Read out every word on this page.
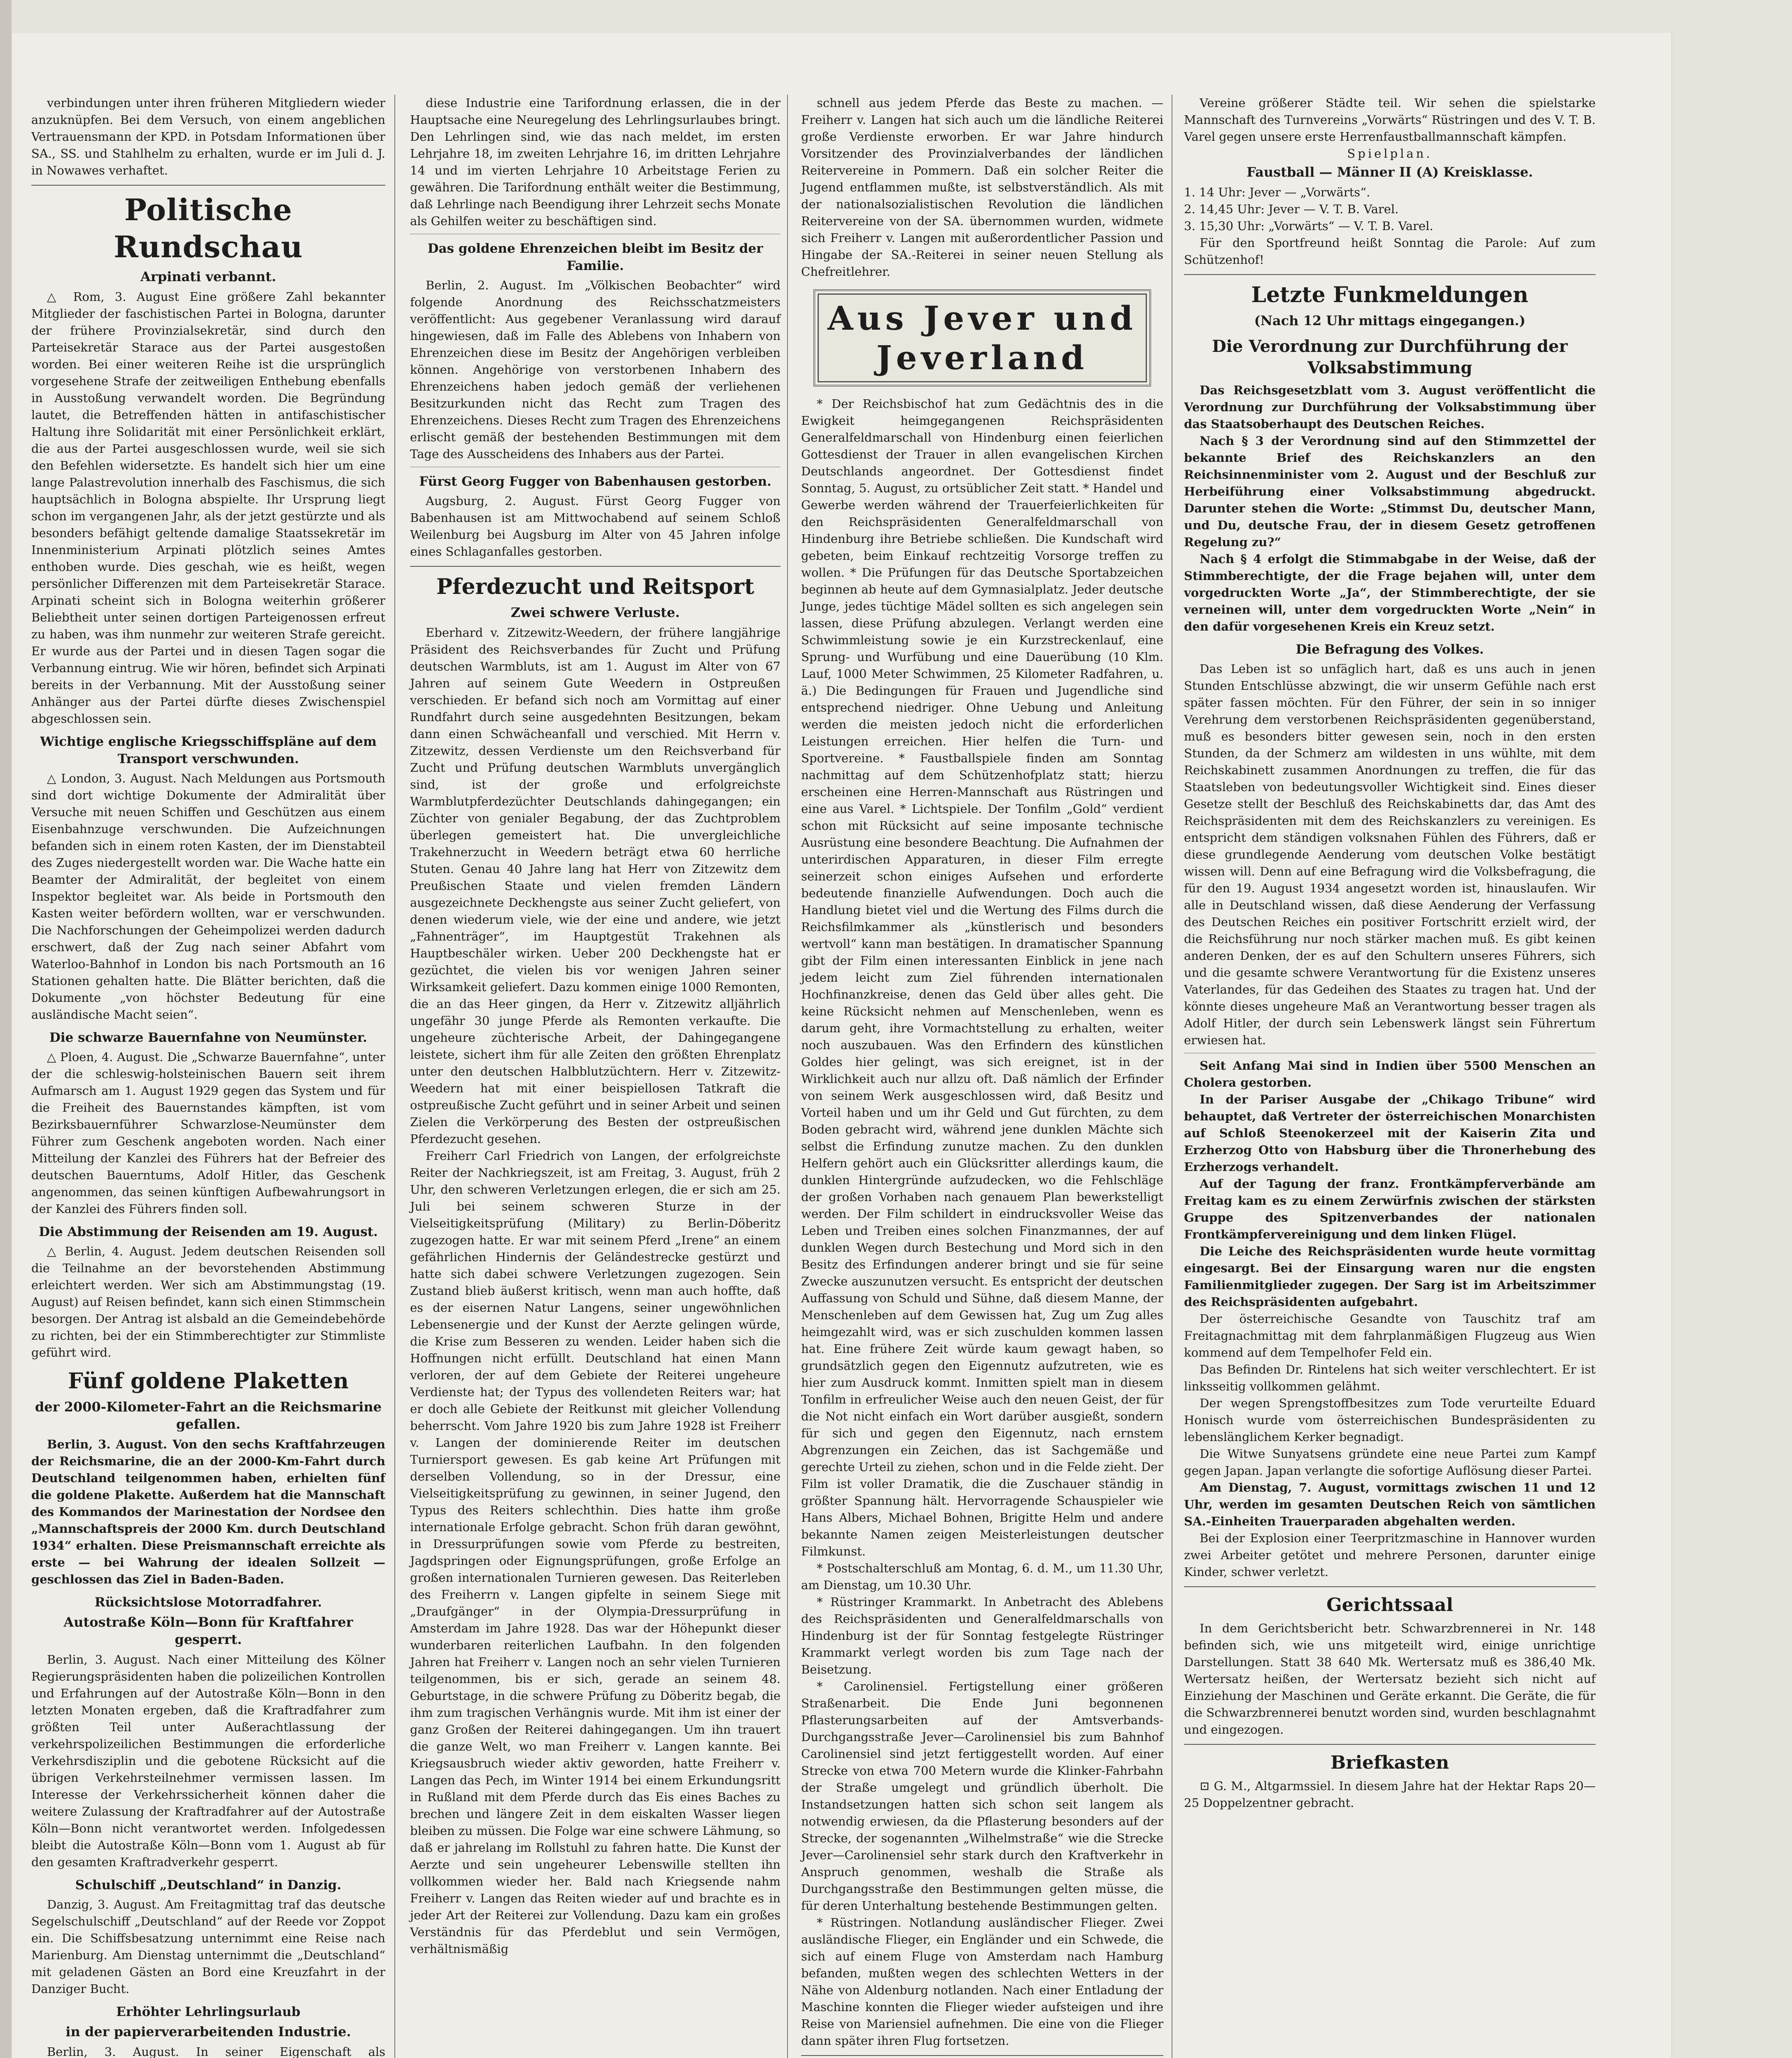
verbindungen unter ihren früheren Mitgliedern wieder anzuknüpfen. Bei dem Versuch, von einem angeblichen Vertrauensmann der KPD. in Potsdam Informationen über SA., SS. und Stahlhelm zu erhalten, wurde er im Juli d. J. in Nowawes verhaftet.

Politische Rundschau
Arpinati verbannt.

△ Rom, 3. August Eine größere Zahl bekannter Mitglieder der faschistischen Partei in Bologna, darunter der frühere Provinzialsekretär, sind durch den Parteisekretär Starace aus der Partei ausgestoßen worden. Bei einer weiteren Reihe ist die ursprünglich vorgesehene Strafe der zeitweiligen Enthebung ebenfalls in Ausstoßung verwandelt worden. Die Begründung lautet, die Betreffenden hätten in antifaschistischer Haltung ihre Solidarität mit einer Persönlichkeit erklärt, die aus der Partei ausgeschlossen wurde, weil sie sich den Befehlen widersetzte. Es handelt sich hier um eine lange Palastrevolution innerhalb des Faschismus, die sich hauptsächlich in Bologna abspielte. Ihr Ursprung liegt schon im vergangenen Jahr, als der jetzt gestürzte und als besonders befähigt geltende damalige Staatssekretär im Innenministerium Arpinati plötzlich seines Amtes enthoben wurde. Dies geschah, wie es heißt, wegen persönlicher Differenzen mit dem Parteisekretär Starace. Arpinati scheint sich in Bologna weiterhin größerer Beliebtheit unter seinen dortigen Parteigenossen erfreut zu haben, was ihm nunmehr zur weiteren Strafe gereicht. Er wurde aus der Partei und in diesen Tagen sogar die Verbannung eintrug. Wie wir hören, befindet sich Arpinati bereits in der Verbannung. Mit der Ausstoßung seiner Anhänger aus der Partei dürfte dieses Zwischenspiel abgeschlossen sein.

Wichtige englische Kriegsschiffspläne auf dem Transport verschwunden.

△ London, 3. August. Nach Meldungen aus Portsmouth sind dort wichtige Dokumente der Admiralität über Versuche mit neuen Schiffen und Geschützen aus einem Eisenbahnzuge verschwunden. Die Aufzeichnungen befanden sich in einem roten Kasten, der im Dienstabteil des Zuges niedergestellt worden war. Die Wache hatte ein Beamter der Admiralität, der begleitet von einem Inspektor begleitet war. Als beide in Portsmouth den Kasten weiter befördern wollten, war er verschwunden. Die Nachforschungen der Geheimpolizei werden dadurch erschwert, daß der Zug nach seiner Abfahrt vom Waterloo-Bahnhof in London bis nach Portsmouth an 16 Stationen gehalten hatte. Die Blätter berichten, daß die Dokumente „von höchster Bedeutung für eine ausländische Macht seien“.

Die schwarze Bauernfahne von Neumünster.

△ Ploen, 4. August. Die „Schwarze Bauernfahne“, unter der die schleswig-holsteinischen Bauern seit ihrem Aufmarsch am 1. August 1929 gegen das System und für die Freiheit des Bauernstandes kämpften, ist vom Bezirksbauernführer Schwarzlose-Neumünster dem Führer zum Geschenk angeboten worden. Nach einer Mitteilung der Kanzlei des Führers hat der Befreier des deutschen Bauerntums, Adolf Hitler, das Geschenk angenommen, das seinen künftigen Aufbewahrungsort in der Kanzlei des Führers finden soll.

Die Abstimmung der Reisenden am 19. August.

△ Berlin, 4. August. Jedem deutschen Reisenden soll die Teilnahme an der bevorstehenden Abstimmung erleichtert werden. Wer sich am Abstimmungstag (19. August) auf Reisen befindet, kann sich einen Stimmschein besorgen. Der Antrag ist alsbald an die Gemeindebehörde zu richten, bei der ein Stimmberechtigter zur Stimmliste geführt wird.

Fünf goldene Plaketten
der 2000-Kilometer-Fahrt an die Reichsmarine gefallen.

Berlin, 3. August. Von den sechs Kraftfahrzeugen der Reichsmarine, die an der 2000-Km-Fahrt durch Deutschland teilgenommen haben, erhielten fünf die goldene Plakette. Außerdem hat die Mannschaft des Kommandos der Marinestation der Nordsee den „Mannschaftspreis der 2000 Km. durch Deutschland 1934“ erhalten. Diese Preismannschaft erreichte als erste — bei Wahrung der idealen Sollzeit — geschlossen das Ziel in Baden-Baden.

Rücksichtslose Motorradfahrer.
Autostraße Köln—Bonn für Kraftfahrer gesperrt.

Berlin, 3. August. Nach einer Mitteilung des Kölner Regierungspräsidenten haben die polizeilichen Kontrollen und Erfahrungen auf der Autostraße Köln—Bonn in den letzten Monaten ergeben, daß die Kraftradfahrer zum größten Teil unter Außerachtlassung der verkehrspolizeilichen Bestimmungen die erforderliche Verkehrsdisziplin und die gebotene Rücksicht auf die übrigen Verkehrsteilnehmer vermissen lassen. Im Interesse der Verkehrssicherheit können daher die weitere Zulassung der Kraftradfahrer auf der Autostraße Köln—Bonn nicht verantwortet werden. Infolgedessen bleibt die Autostraße Köln—Bonn vom 1. August ab für den gesamten Kraftradverkehr gesperrt.

Schulschiff „Deutschland“ in Danzig.

Danzig, 3. August. Am Freitagmittag traf das deutsche Segelschulschiff „Deutschland“ auf der Reede vor Zoppot ein. Die Schiffsbesatzung unternimmt eine Reise nach Marienburg. Am Dienstag unternimmt die „Deutschland“ mit geladenen Gästen an Bord eine Kreuzfahrt in der Danziger Bucht.

Erhöhter Lehrlingsurlaub
in der papierverarbeitenden Industrie.

Berlin, 3. August. In seiner Eigenschaft als

diese Industrie eine Tarifordnung erlassen, die in der Hauptsache eine Neuregelung des Lehrlingsurlaubes bringt. Den Lehrlingen sind, wie das nach meldet, im ersten Lehrjahre 18, im zweiten Lehrjahre 16, im dritten Lehrjahre 14 und im vierten Lehrjahre 10 Arbeitstage Ferien zu gewähren. Die Tarifordnung enthält weiter die Bestimmung, daß Lehrlinge nach Beendigung ihrer Lehrzeit sechs Monate als Gehilfen weiter zu beschäftigen sind.

Das goldene Ehrenzeichen bleibt im Besitz der Familie.

Berlin, 2. August. Im „Völkischen Beobachter“ wird folgende Anordnung des Reichsschatzmeisters veröffentlicht: Aus gegebener Veranlassung wird darauf hingewiesen, daß im Falle des Ablebens von Inhabern von Ehrenzeichen diese im Besitz der Angehörigen verbleiben können. Angehörige von verstorbenen Inhabern des Ehrenzeichens haben jedoch gemäß der verliehenen Besitzurkunden nicht das Recht zum Tragen des Ehrenzeichens. Dieses Recht zum Tragen des Ehrenzeichens erlischt gemäß der bestehenden Bestimmungen mit dem Tage des Ausscheidens des Inhabers aus der Partei.

Fürst Georg Fugger von Babenhausen gestorben.

Augsburg, 2. August. Fürst Georg Fugger von Babenhausen ist am Mittwochabend auf seinem Schloß Weilenburg bei Augsburg im Alter von 45 Jahren infolge eines Schlaganfalles gestorben.

Pferdezucht und Reitsport
Zwei schwere Verluste.

Eberhard v. Zitzewitz-Weedern, der frühere langjährige Präsident des Reichsverbandes für Zucht und Prüfung deutschen Warmbluts, ist am 1. August im Alter von 67 Jahren auf seinem Gute Weedern in Ostpreußen verschieden. Er befand sich noch am Vormittag auf einer Rundfahrt durch seine ausgedehnten Besitzungen, bekam dann einen Schwächeanfall und verschied. Mit Herrn v. Zitzewitz, dessen Verdienste um den Reichsverband für Zucht und Prüfung deutschen Warmbluts unvergänglich sind, ist der große und erfolgreichste Warmblutpferdezüchter Deutschlands dahingegangen; ein Züchter von genialer Begabung, der das Zuchtproblem überlegen gemeistert hat. Die unvergleichliche Trakehnerzucht in Weedern beträgt etwa 60 herrliche Stuten. Genau 40 Jahre lang hat Herr von Zitzewitz dem Preußischen Staate und vielen fremden Ländern ausgezeichnete Deckhengste aus seiner Zucht geliefert, von denen wiederum viele, wie der eine und andere, wie jetzt „Fahnenträger“, im Hauptgestüt Trakehnen als Hauptbeschäler wirken. Ueber 200 Deckhengste hat er gezüchtet, die vielen bis vor wenigen Jahren seiner Wirksamkeit geliefert. Dazu kommen einige 1000 Remonten, die an das Heer gingen, da Herr v. Zitzewitz alljährlich ungefähr 30 junge Pferde als Remonten verkaufte. Die ungeheure züchterische Arbeit, der Dahingegangene leistete, sichert ihm für alle Zeiten den größten Ehrenplatz unter den deutschen Halbblutzüchtern. Herr v. Zitzewitz-Weedern hat mit einer beispiellosen Tatkraft die ostpreußische Zucht geführt und in seiner Arbeit und seinen Zielen die Verkörperung des Besten der ostpreußischen Pferdezucht gesehen.

Freiherr Carl Friedrich von Langen, der erfolgreichste Reiter der Nachkriegszeit, ist am Freitag, 3. August, früh 2 Uhr, den schweren Verletzungen erlegen, die er sich am 25. Juli bei seinem schweren Sturze in der Vielseitigkeitsprüfung (Military) zu Berlin-Döberitz zugezogen hatte. Er war mit seinem Pferd „Irene“ an einem gefährlichen Hindernis der Geländestrecke gestürzt und hatte sich dabei schwere Verletzungen zugezogen. Sein Zustand blieb äußerst kritisch, wenn man auch hoffte, daß es der eisernen Natur Langens, seiner ungewöhnlichen Lebensenergie und der Kunst der Aerzte gelingen würde, die Krise zum Besseren zu wenden. Leider haben sich die Hoffnungen nicht erfüllt. Deutschland hat einen Mann verloren, der auf dem Gebiete der Reiterei ungeheure Verdienste hat; der Typus des vollendeten Reiters war; hat er doch alle Gebiete der Reitkunst mit gleicher Vollendung beherrscht. Vom Jahre 1920 bis zum Jahre 1928 ist Freiherr v. Langen der dominierende Reiter im deutschen Turniersport gewesen. Es gab keine Art Prüfungen mit derselben Vollendung, so in der Dressur, eine Vielseitigkeitsprüfung zu gewinnen, in seiner Jugend, den Typus des Reiters schlechthin. Dies hatte ihm große internationale Erfolge gebracht. Schon früh daran gewöhnt, in Dressurprüfungen sowie vom Pferde zu bestreiten, Jagdspringen oder Eignungsprüfungen, große Erfolge an großen internationalen Turnieren gewesen. Das Reiterleben des Freiherrn v. Langen gipfelte in seinem Siege mit „Draufgänger“ in der Olympia-Dressurprüfung in Amsterdam im Jahre 1928. Das war der Höhepunkt dieser wunderbaren reiterlichen Laufbahn. In den folgenden Jahren hat Freiherr v. Langen noch an sehr vielen Turnieren teilgenommen, bis er sich, gerade an seinem 48. Geburtstage, in die schwere Prüfung zu Döberitz begab, die ihm zum tragischen Verhängnis wurde. Mit ihm ist einer der ganz Großen der Reiterei dahingegangen. Um ihn trauert die ganze Welt, wo man Freiherr v. Langen kannte. Bei Kriegsausbruch wieder aktiv geworden, hatte Freiherr v. Langen das Pech, im Winter 1914 bei einem Erkundungsritt in Rußland mit dem Pferde durch das Eis eines Baches zu brechen und längere Zeit in dem eiskalten Wasser liegen bleiben zu müssen. Die Folge war eine schwere Lähmung, so daß er jahrelang im Rollstuhl zu fahren hatte. Die Kunst der Aerzte und sein ungeheurer Lebenswille stellten ihn vollkommen wieder her. Bald nach Kriegsende nahm Freiherr v. Langen das Reiten wieder auf und brachte es in jeder Art der Reiterei zur Vollendung. Dazu kam ein großes Verständnis für das Pferdeblut und sein Vermögen, verhältnismäßig

schnell aus jedem Pferde das Beste zu machen. — Freiherr v. Langen hat sich auch um die ländliche Reiterei große Verdienste erworben. Er war Jahre hindurch Vorsitzender des Provinzialverbandes der ländlichen Reitervereine in Pommern. Daß ein solcher Reiter die Jugend entflammen mußte, ist selbstverständlich. Als mit der nationalsozialistischen Revolution die ländlichen Reitervereine von der SA. übernommen wurden, widmete sich Freiherr v. Langen mit außerordentlicher Passion und Hingabe der SA.-Reiterei in seiner neuen Stellung als Chefreitlehrer.

Aus Jever und Jeverland

* Der Reichsbischof hat zum Gedächtnis des in die Ewigkeit heimgegangenen Reichspräsidenten Generalfeldmarschall von Hindenburg einen feierlichen Gottesdienst der Trauer in allen evangelischen Kirchen Deutschlands angeordnet. Der Gottesdienst findet Sonntag, 5. August, zu ortsüblicher Zeit statt. * Handel und Gewerbe werden während der Trauerfeierlichkeiten für den Reichspräsidenten Generalfeldmarschall von Hindenburg ihre Betriebe schließen. Die Kundschaft wird gebeten, beim Einkauf rechtzeitig Vorsorge treffen zu wollen. * Die Prüfungen für das Deutsche Sportabzeichen beginnen ab heute auf dem Gymnasialplatz. Jeder deutsche Junge, jedes tüchtige Mädel sollten es sich angelegen sein lassen, diese Prüfung abzulegen. Verlangt werden eine Schwimmleistung sowie je ein Kurzstreckenlauf, eine Sprung- und Wurfübung und eine Dauerübung (10 Klm. Lauf, 1000 Meter Schwimmen, 25 Kilometer Radfahren, u. ä.) Die Bedingungen für Frauen und Jugendliche sind entsprechend niedriger. Ohne Uebung und Anleitung werden die meisten jedoch nicht die erforderlichen Leistungen erreichen. Hier helfen die Turn- und Sportvereine. * Faustballspiele finden am Sonntag nachmittag auf dem Schützenhofplatz statt; hierzu erscheinen eine Herren-Mannschaft aus Rüstringen und eine aus Varel. * Lichtspiele. Der Tonfilm „Gold“ verdient schon mit Rücksicht auf seine imposante technische Ausrüstung eine besondere Beachtung. Die Aufnahmen der unterirdischen Apparaturen, in dieser Film erregte seinerzeit schon einiges Aufsehen und erforderte bedeutende finanzielle Aufwendungen. Doch auch die Handlung bietet viel und die Wertung des Films durch die Reichsfilmkammer als „künstlerisch und besonders wertvoll“ kann man bestätigen. In dramatischer Spannung gibt der Film einen interessanten Einblick in jene nach jedem leicht zum Ziel führenden internationalen Hochfinanzkreise, denen das Geld über alles geht. Die keine Rücksicht nehmen auf Menschenleben, wenn es darum geht, ihre Vormachtstellung zu erhalten, weiter noch auszubauen. Was den Erfindern des künstlichen Goldes hier gelingt, was sich ereignet, ist in der Wirklichkeit auch nur allzu oft. Daß nämlich der Erfinder von seinem Werk ausgeschlossen wird, daß Besitz und Vorteil haben und um ihr Geld und Gut fürchten, zu dem Boden gebracht wird, während jene dunklen Mächte sich selbst die Erfindung zunutze machen. Zu den dunklen Helfern gehört auch ein Glücksritter allerdings kaum, die dunklen Hintergründe aufzudecken, wo die Fehlschläge der großen Vorhaben nach genauem Plan bewerkstelligt werden. Der Film schildert in eindrucksvoller Weise das Leben und Treiben eines solchen Finanzmannes, der auf dunklen Wegen durch Bestechung und Mord sich in den Besitz des Erfindungen anderer bringt und sie für seine Zwecke auszunutzen versucht. Es entspricht der deutschen Auffassung von Schuld und Sühne, daß diesem Manne, der Menschenleben auf dem Gewissen hat, Zug um Zug alles heimgezahlt wird, was er sich zuschulden kommen lassen hat. Eine frühere Zeit würde kaum gewagt haben, so grundsätzlich gegen den Eigennutz aufzutreten, wie es hier zum Ausdruck kommt. Inmitten spielt man in diesem Tonfilm in erfreulicher Weise auch den neuen Geist, der für die Not nicht einfach ein Wort darüber ausgießt, sondern für sich und gegen den Eigennutz, nach ernstem Abgrenzungen ein Zeichen, das ist Sachgemäße und gerechte Urteil zu ziehen, schon und in die Felde zieht. Der Film ist voller Dramatik, die die Zuschauer ständig in größter Spannung hält. Hervorragende Schauspieler wie Hans Albers, Michael Bohnen, Brigitte Helm und andere bekannte Namen zeigen Meisterleistungen deutscher Filmkunst.

* Postschalterschluß am Montag, 6. d. M., um 11.30 Uhr, am Dienstag, um 10.30 Uhr.

* Rüstringer Krammarkt. In Anbetracht des Ablebens des Reichspräsidenten und Generalfeldmarschalls von Hindenburg ist der für Sonntag festgelegte Rüstringer Krammarkt verlegt worden bis zum Tage nach der Beisetzung.

* Carolinensiel. Fertigstellung einer größeren Straßenarbeit. Die Ende Juni begonnenen Pflasterungsarbeiten auf der Amtsverbands-Durchgangsstraße Jever—Carolinensiel bis zum Bahnhof Carolinensiel sind jetzt fertiggestellt worden. Auf einer Strecke von etwa 700 Metern wurde die Klinker-Fahrbahn der Straße umgelegt und gründlich überholt. Die Instandsetzungen hatten sich schon seit langem als notwendig erwiesen, da die Pflasterung besonders auf der Strecke, der sogenannten „Wilhelmstraße“ wie die Strecke Jever—Carolinensiel sehr stark durch den Kraftverkehr in Anspruch genommen, weshalb die Straße als Durchgangsstraße den Bestimmungen gelten müsse, die für deren Unterhaltung bestehende Bestimmungen gelten.

* Rüstringen. Notlandung ausländischer Flieger. Zwei ausländische Flieger, ein Engländer und ein Schwede, die sich auf einem Fluge von Amsterdam nach Hamburg befanden, mußten wegen des schlechten Wetters in der Nähe von Aldenburg notlanden. Nach einer Entladung der Maschine konnten die Flieger wieder aufsteigen und ihre Reise von Mariensiel aufnehmen. Die eine von die Flieger dann später ihren Flug fortsetzen.

Vereine größerer Städte teil. Wir sehen die spielstarke Mannschaft des Turnvereins „Vorwärts“ Rüstringen und des V. T. B. Varel gegen unsere erste Herrenfaustballmannschaft kämpfen.

Spielplan.
Faustball — Männer II (A) Kreisklasse.
1. 14 Uhr: Jever — „Vorwärts“.
2. 14,45 Uhr: Jever — V. T. B. Varel.
3. 15,30 Uhr: „Vorwärts“ — V. T. B. Varel.

Für den Sportfreund heißt Sonntag die Parole: Auf zum Schützenhof!

Letzte Funkmeldungen
(Nach 12 Uhr mittags eingegangen.)
Die Verordnung zur Durchführung der Volksabstimmung

Das Reichsgesetzblatt vom 3. August veröffentlicht die Verordnung zur Durchführung der Volksabstimmung über das Staatsoberhaupt des Deutschen Reiches.

Nach § 3 der Verordnung sind auf den Stimmzettel der bekannte Brief des Reichskanzlers an den Reichsinnenminister vom 2. August und der Beschluß zur Herbeiführung einer Volksabstimmung abgedruckt. Darunter stehen die Worte: „Stimmst Du, deutscher Mann, und Du, deutsche Frau, der in diesem Gesetz getroffenen Regelung zu?“

Nach § 4 erfolgt die Stimmabgabe in der Weise, daß der Stimmberechtigte, der die Frage bejahen will, unter dem vorgedruckten Worte „Ja“, der Stimmberechtigte, der sie verneinen will, unter dem vorgedruckten Worte „Nein“ in den dafür vorgesehenen Kreis ein Kreuz setzt.

Die Befragung des Volkes.

Das Leben ist so unfäglich hart, daß es uns auch in jenen Stunden Entschlüsse abzwingt, die wir unserm Gefühle nach erst später fassen möchten. Für den Führer, der sein in so inniger Verehrung dem verstorbenen Reichspräsidenten gegenüberstand, muß es besonders bitter gewesen sein, noch in den ersten Stunden, da der Schmerz am wildesten in uns wühlte, mit dem Reichskabinett zusammen Anordnungen zu treffen, die für das Staatsleben von bedeutungsvoller Wichtigkeit sind. Eines dieser Gesetze stellt der Beschluß des Reichskabinetts dar, das Amt des Reichspräsidenten mit dem des Reichskanzlers zu vereinigen. Es entspricht dem ständigen volksnahen Fühlen des Führers, daß er diese grundlegende Aenderung vom deutschen Volke bestätigt wissen will. Denn auf eine Befragung wird die Volksbefragung, die für den 19. August 1934 angesetzt worden ist, hinauslaufen. Wir alle in Deutschland wissen, daß diese Aenderung der Verfassung des Deutschen Reiches ein positiver Fortschritt erzielt wird, der die Reichsführung nur noch stärker machen muß. Es gibt keinen anderen Denken, der es auf den Schultern unseres Führers, sich und die gesamte schwere Verantwortung für die Existenz unseres Vaterlandes, für das Gedeihen des Staates zu tragen hat. Und der könnte dieses ungeheure Maß an Verantwortung besser tragen als Adolf Hitler, der durch sein Lebenswerk längst sein Führertum erwiesen hat.

Seit Anfang Mai sind in Indien über 5500 Menschen an Cholera gestorben.

In der Pariser Ausgabe der „Chikago Tribune“ wird behauptet, daß Vertreter der österreichischen Monarchisten auf Schloß Steenokerzeel mit der Kaiserin Zita und Erzherzog Otto von Habsburg über die Thronerhebung des Erzherzogs verhandelt.

Auf der Tagung der franz. Frontkämpferverbände am Freitag kam es zu einem Zerwürfnis zwischen der stärksten Gruppe des Spitzenverbandes der nationalen Frontkämpfervereinigung und dem linken Flügel.

Die Leiche des Reichspräsidenten wurde heute vormittag eingesargt. Bei der Einsargung waren nur die engsten Familienmitglieder zugegen. Der Sarg ist im Arbeitszimmer des Reichspräsidenten aufgebahrt.

Der österreichische Gesandte von Tauschitz traf am Freitagnachmittag mit dem fahrplanmäßigen Flugzeug aus Wien kommend auf dem Tempelhofer Feld ein.

Das Befinden Dr. Rintelens hat sich weiter verschlechtert. Er ist linksseitig vollkommen gelähmt.

Der wegen Sprengstoffbesitzes zum Tode verurteilte Eduard Honisch wurde vom österreichischen Bundespräsidenten zu lebenslänglichem Kerker begnadigt.

Die Witwe Sunyatsens gründete eine neue Partei zum Kampf gegen Japan. Japan verlangte die sofortige Auflösung dieser Partei.

Am Dienstag, 7. August, vormittags zwischen 11 und 12 Uhr, werden im gesamten Deutschen Reich von sämtlichen SA.-Einheiten Trauerparaden abgehalten werden.

Bei der Explosion einer Teerpritzmaschine in Hannover wurden zwei Arbeiter getötet und mehrere Personen, darunter einige Kinder, schwer verletzt.

Gerichtssaal

In dem Gerichtsbericht betr. Schwarzbrennerei in Nr. 148 befinden sich, wie uns mitgeteilt wird, einige unrichtige Darstellungen. Statt 38 640 Mk. Wertersatz muß es 386,40 Mk. Wertersatz heißen, der Wertersatz bezieht sich nicht auf Einziehung der Maschinen und Geräte erkannt. Die Geräte, die für die Schwarzbrennerei benutzt worden sind, wurden beschlagnahmt und eingezogen.

Briefkasten

⊡ G. M., Altgarmssiel. In diesem Jahre hat der Hektar Raps 20—25 Doppelzentner gebracht.
